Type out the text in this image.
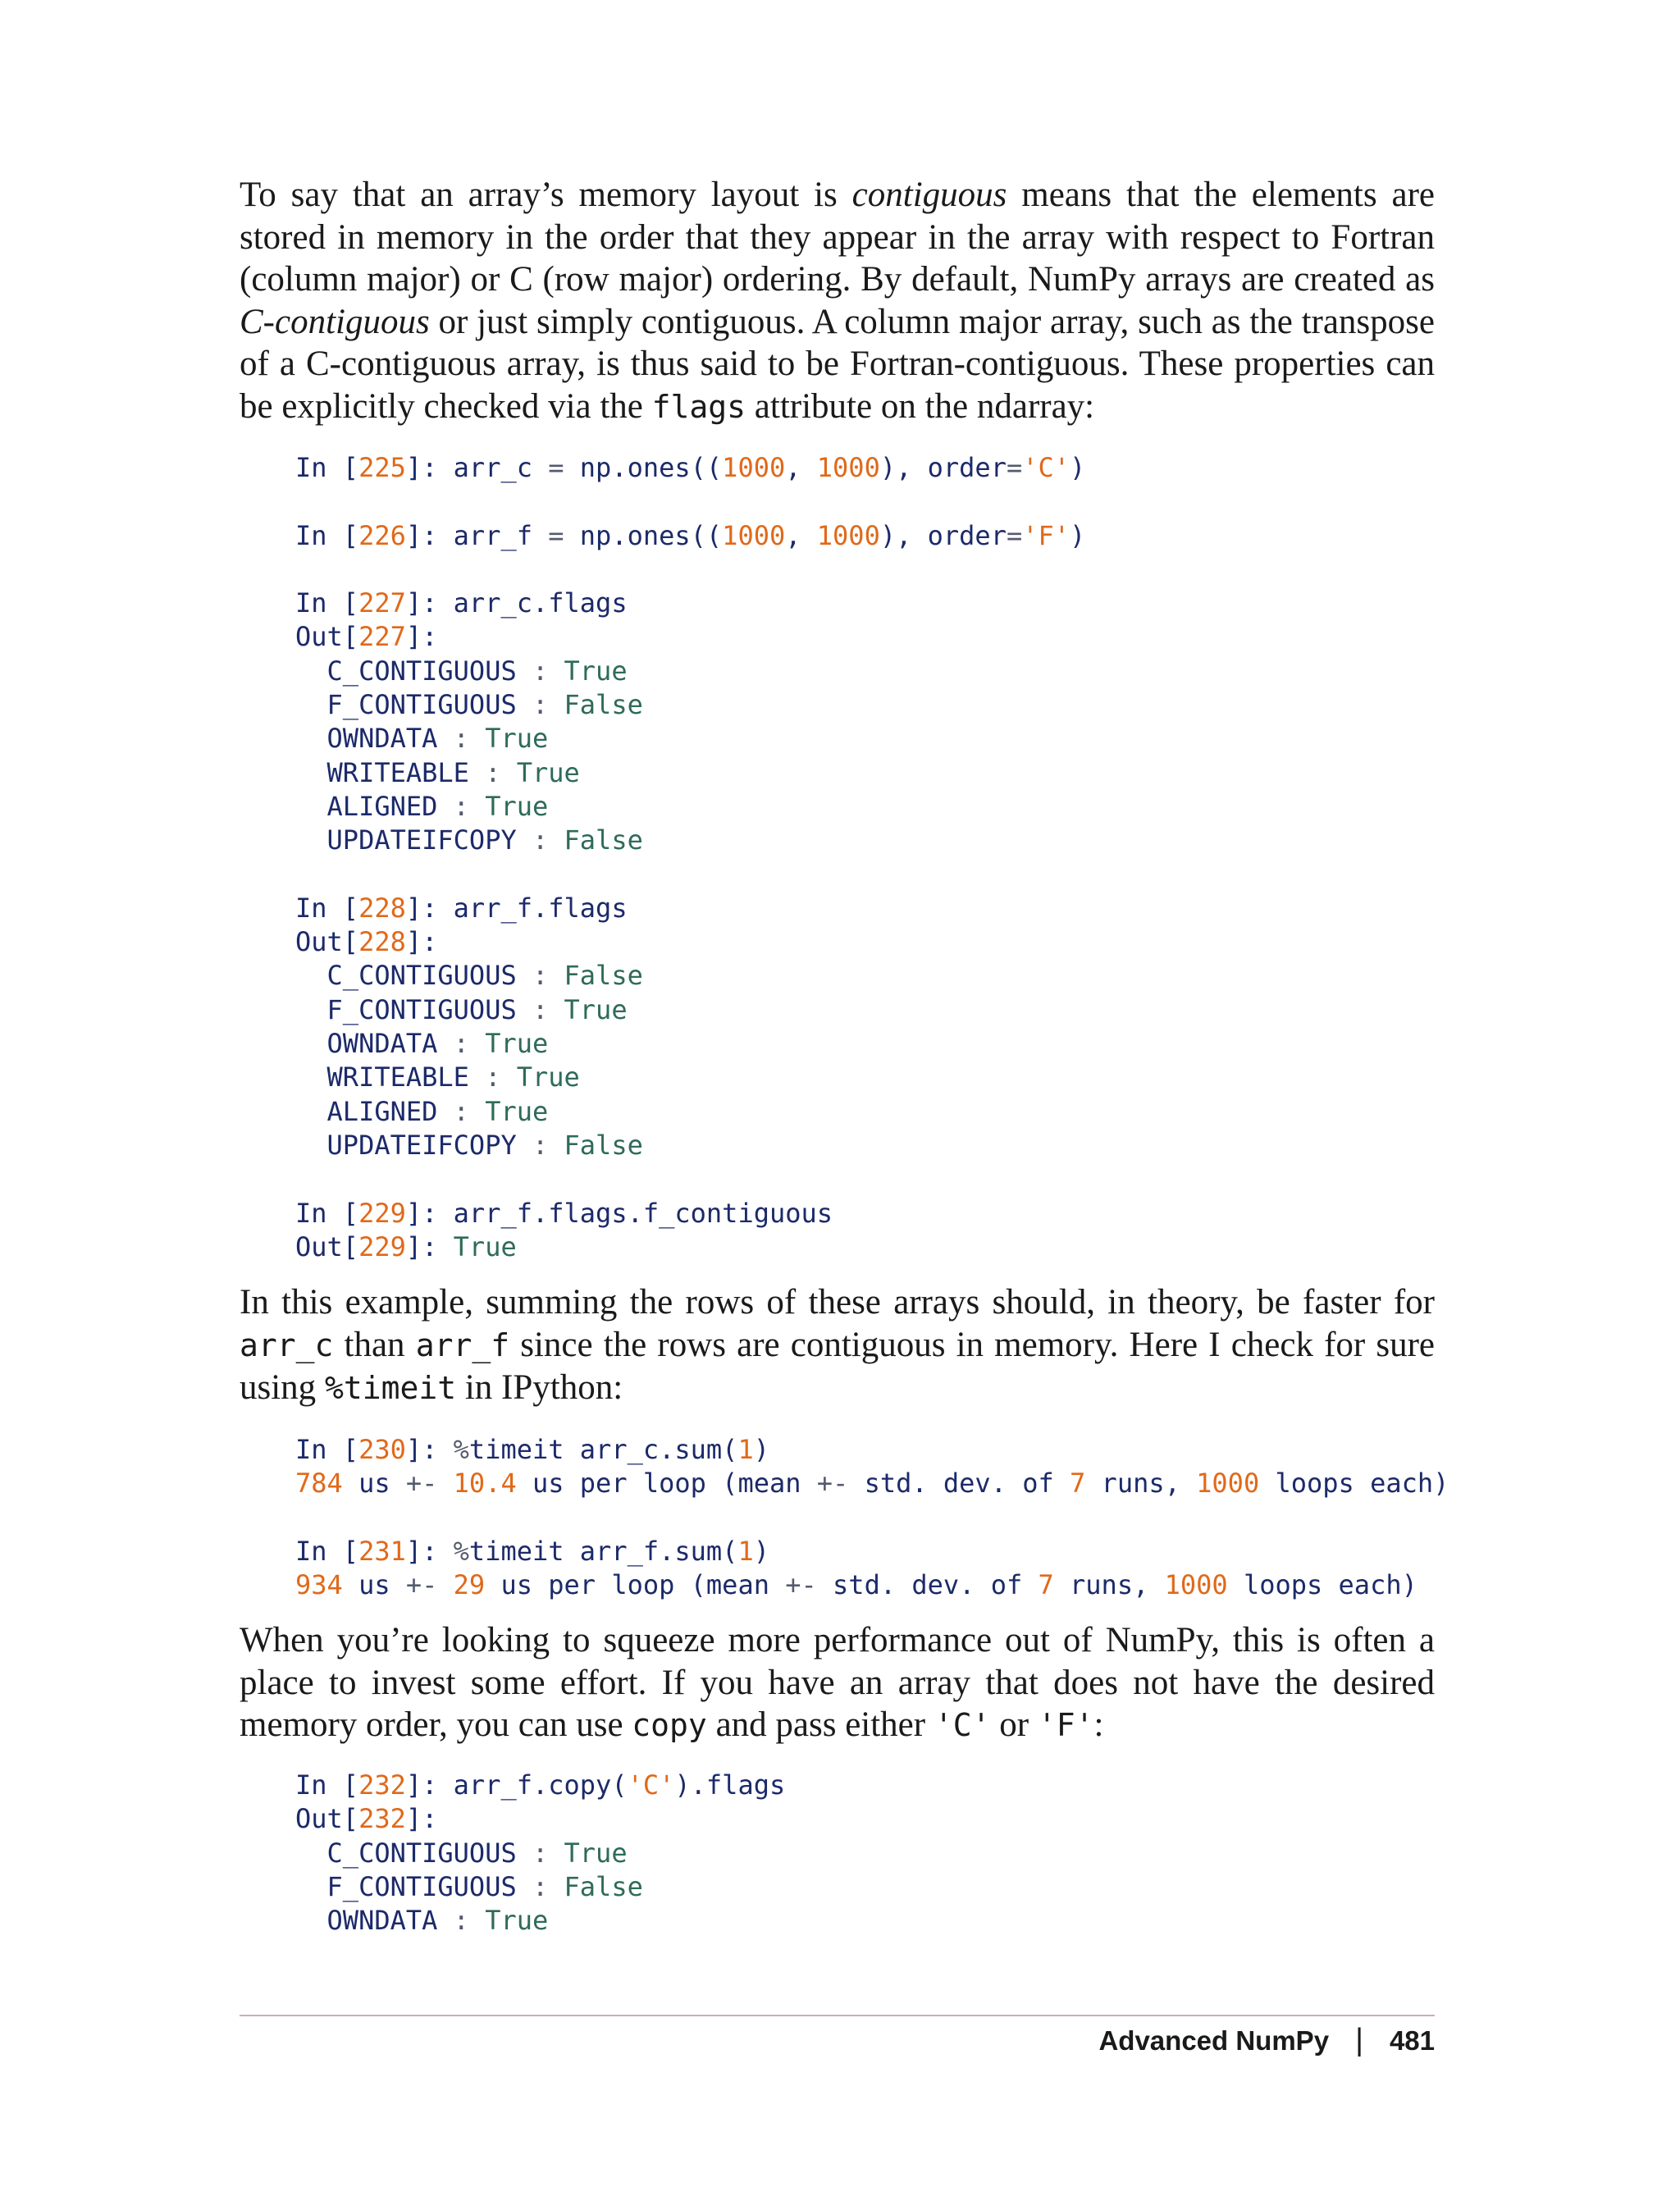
To say that an array’s memory layout is contiguous means that the elements are stored in memory in the order that they appear in the array with respect to Fortran (column major) or C (row major) ordering. By default, NumPy arrays are created as C-contiguous or just simply contiguous. A column major array, such as the transpose of a C-contiguous array, is thus said to be Fortran-contiguous. These properties can be explicitly checked via the flags attribute on the ndarray:

In this example, summing the rows of these arrays should, in theory, be faster for arr_c than arr_f since the rows are contiguous in memory. Here I check for sure using %timeit in IPython:

When you’re looking to squeeze more performance out of NumPy, this is often a place to invest some effort. If you have an array that does not have the desired memory order, you can use copy and pass either 'C' or 'F':

In [225]: arr_c = np.ones((1000, 1000), order='C')
In [226]: arr_f = np.ones((1000, 1000), order='F')
In [227]: arr_c.flags
Out[227]:
C_CONTIGUOUS : True
F_CONTIGUOUS : False
OWNDATA : True
WRITEABLE : True
ALIGNED : True
UPDATEIFCOPY : False
In [228]: arr_f.flags
Out[228]:
C_CONTIGUOUS : False
F_CONTIGUOUS : True
OWNDATA : True
WRITEABLE : True
ALIGNED : True
UPDATEIFCOPY : False
In [229]: arr_f.flags.f_contiguous
Out[229]: True
In [230]: %timeit arr_c.sum(1)
784 us +- 10.4 us per loop (mean +- std. dev. of 7 runs, 1000 loops each)
In [231]: %timeit arr_f.sum(1)
934 us +- 29 us per loop (mean +- std. dev. of 7 runs, 1000 loops each)
In [232]: arr_f.copy('C').flags
Out[232]:
C_CONTIGUOUS : True
F_CONTIGUOUS : False
OWNDATA : True
Advanced NumPy | 481
